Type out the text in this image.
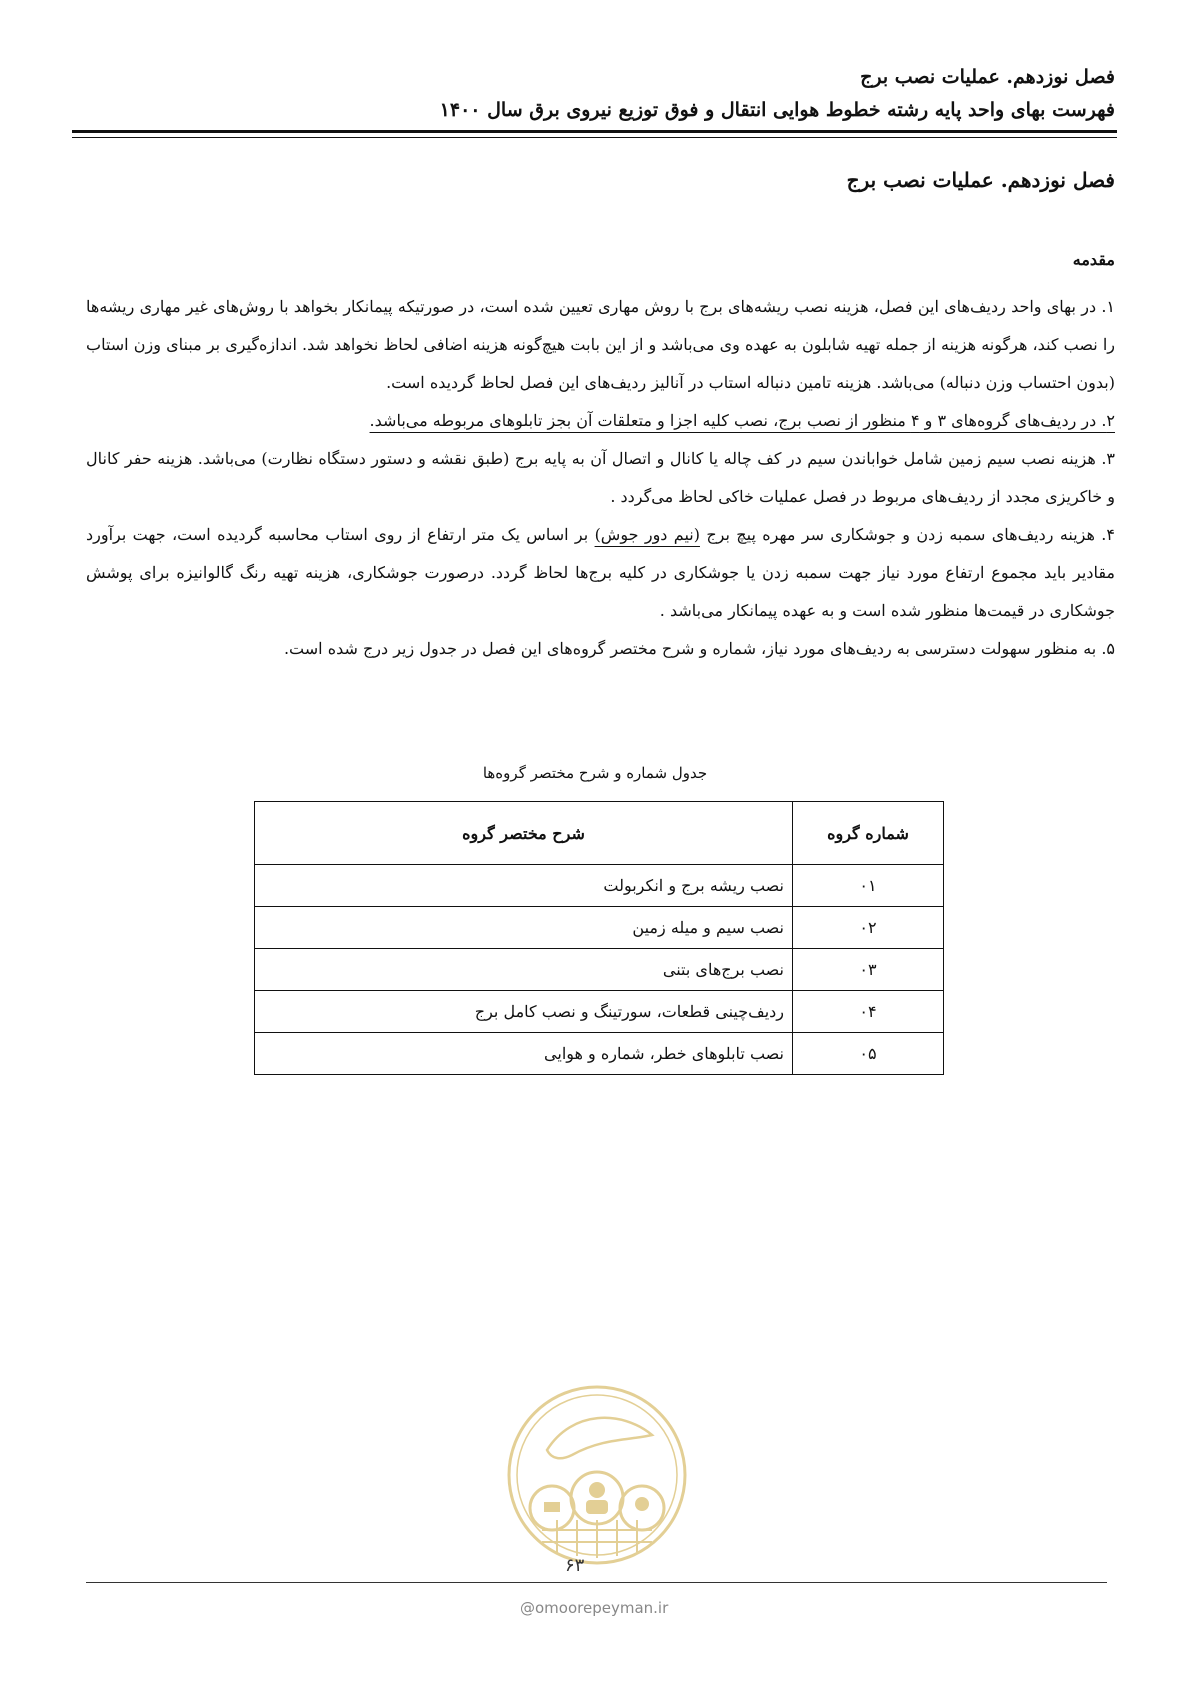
فصل نوزدهم. عملیات نصب برج
فهرست بهای واحد پایه رشته خطوط هوایی انتقال و فوق توزیع نیروی برق سال ۱۴۰۰
فصل نوزدهم. عملیات نصب برج
مقدمه

۱. در بهای واحد ردیف‌های این فصل، هزینه نصب ریشه‌های برج با روش مهاری تعیین شده است، در صورتیکه پیمانکار بخواهد با روش‌های غیر مهاری ریشه‌ها را نصب کند، هرگونه هزینه از جمله تهیه شابلون به عهده وی می‌باشد و از این بابت هیچ‌گونه هزینه اضافی لحاظ نخواهد شد. اندازه‌گیری بر مبنای وزن استاب (بدون احتساب وزن دنباله) می‌باشد. هزینه تامین دنباله استاب در آنالیز ردیف‌های این فصل لحاظ گردیده است.

۲. در ردیف‌های گروه‌های ۳ و ۴ منظور از نصب برج، نصب کلیه اجزا و متعلقات آن بجز تابلوهای مربوطه می‌باشد.

۳. هزینه نصب سیم زمین شامل خواباندن سیم در کف چاله یا کانال و اتصال آن به پایه برج (طبق نقشه و دستور دستگاه نظارت) می‌باشد. هزینه حفر کانال و خاکریزی مجدد از ردیف‌های مربوط در فصل عملیات خاکی لحاظ می‌گردد .

۴. هزینه ردیف‌های سمبه زدن و جوشکاری سر مهره پیچ برج (نیم دور جوش) بر اساس یک متر ارتفاع از روی استاب محاسبه گردیده است، جهت برآورد مقادیر باید مجموع ارتفاع مورد نیاز جهت سمبه زدن یا جوشکاری در کلیه برج‌ها لحاظ گردد. درصورت جوشکاری، هزینه تهیه رنگ گالوانیزه برای پوشش جوشکاری در قیمت‌ها منظور شده است و به عهده پیمانکار می‌باشد .

۵. به منظور سهولت دسترسی به ردیف‌های مورد نیاز، شماره و شرح مختصر گروه‌های این فصل در جدول زیر درج شده است.

جدول شماره و شرح مختصر گروه‌ها
شماره گروه	شرح مختصر گروه
۰۱	نصب ریشه برج و انکربولت
۰۲	نصب سیم و میله زمین
۰۳	نصب برج‌های بتنی
۰۴	ردیف‌چینی قطعات، سورتینگ و نصب کامل برج
۰۵	نصب تابلوهای خطر، شماره و هوایی
۶۳
@omoorepeyman.ir
